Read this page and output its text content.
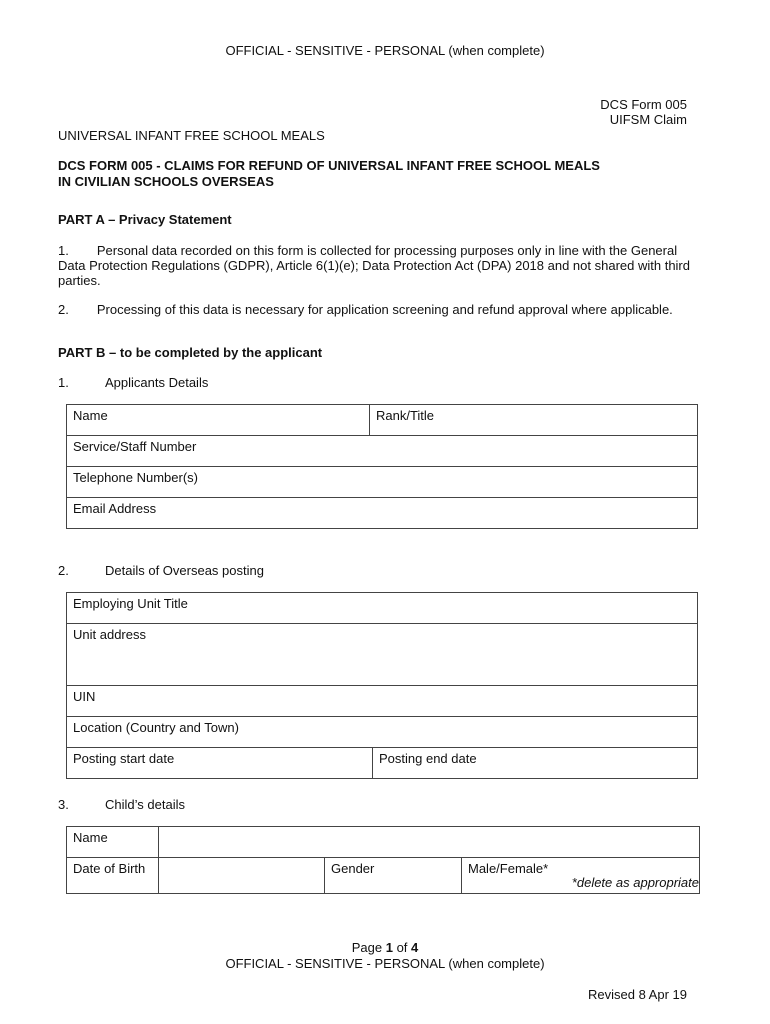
OFFICIAL - SENSITIVE - PERSONAL (when complete)
DCS Form 005
UIFSM Claim
UNIVERSAL INFANT FREE SCHOOL MEALS
DCS FORM 005 - CLAIMS FOR REFUND OF UNIVERSAL INFANT FREE SCHOOL MEALS
IN CIVILIAN SCHOOLS OVERSEAS
PART A – Privacy Statement
1. Personal data recorded on this form is collected for processing purposes only in line with the General Data Protection Regulations (GDPR), Article 6(1)(e); Data Protection Act (DPA) 2018 and not shared with third parties.
2. Processing of this data is necessary for application screening and refund approval where applicable.
PART B – to be completed by the applicant
1.	Applicants Details
Name	Rank/Title
Service/Staff Number
Telephone Number(s)
Email Address
2.	Details of Overseas posting
Employing Unit Title
Unit address
UIN
Location (Country and Town)
Posting start date	Posting end date
3.	Child’s details
Name			
Date of Birth		Gender	Male/Female*
*delete as appropriate
Page 1 of 4
OFFICIAL - SENSITIVE - PERSONAL (when complete)
Revised 8 Apr 19
